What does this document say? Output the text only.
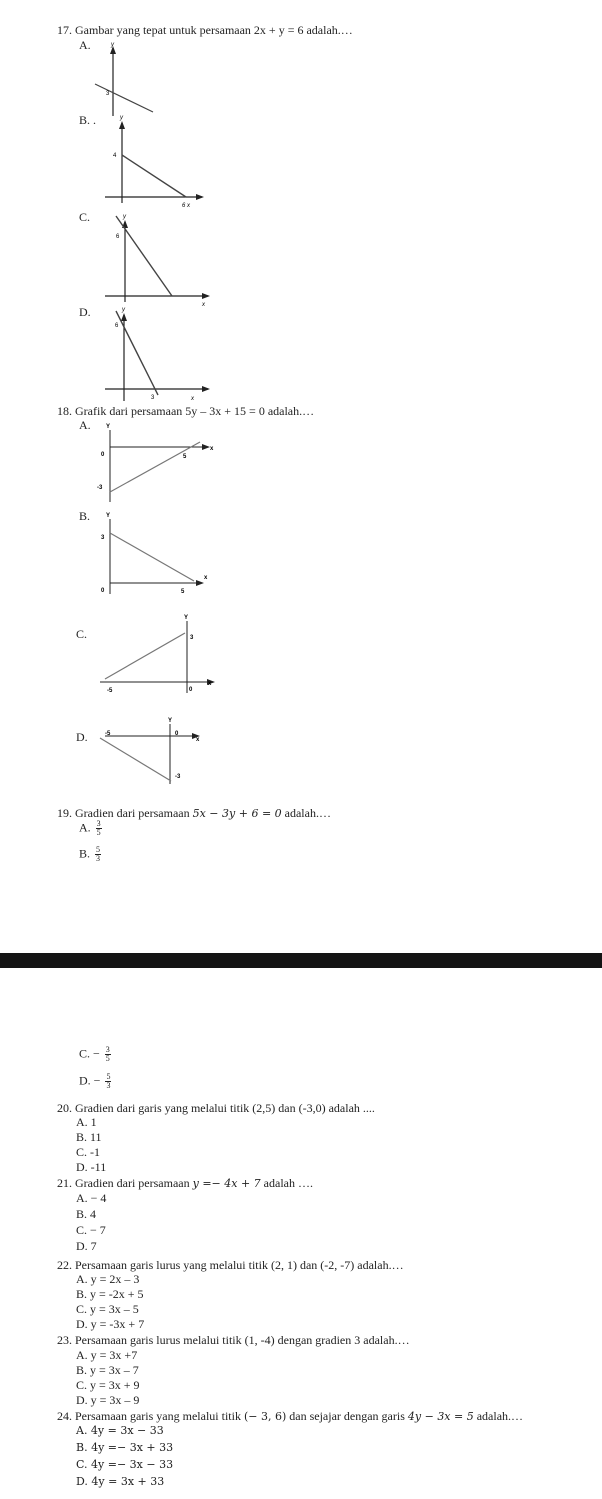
17. Gambar yang tepat untuk persamaan 2x + y = 6 adalah.…
A.
B. .
C.
D.
y
3
y
4
6 x
y
6
x
y
6
3	x
18. Grafik dari persamaan 5y – 3x + 15 = 0 adalah.…
A.
B.
C.
D.
Y
0	5
x
-3
Y
3
0	5
x
Y
3
-5	0
x
Y
-5	0
x
-3
19. Gradien dari persamaan 5x − 3y + 6 = 0 adalah.…
A. $\frac{3}{5}$
B. $\frac{5}{3}$
C. − $\frac{3}{5}$
D. − $\frac{5}{3}$
20. Gradien dari garis yang melalui titik (2,5) dan (-3,0) adalah ....
A. 1
B. 11
C. -1
D. -11
21. Gradien dari persamaan y =− 4x + 7 adalah ….
A. − 4
B. 4
C. − 7
D. 7
22. Persamaan garis lurus yang melalui titik (2, 1) dan (-2, -7) adalah.…
A. y = 2x – 3
B. y = -2x + 5
C. y = 3x – 5
D. y = -3x + 7
23. Persamaan garis lurus melalui titik (1, -4) dengan gradien 3 adalah.…
A. y = 3x +7
B. y = 3x – 7
C. y = 3x + 9
D. y = 3x – 9
24. Persamaan garis yang melalui titik (− 3, 6) dan sejajar dengan garis 4y − 3x = 5 adalah.…
A. 4y = 3x − 33
B. 4y =− 3x + 33
C. 4y =− 3x − 33
D. 4y = 3x + 33
